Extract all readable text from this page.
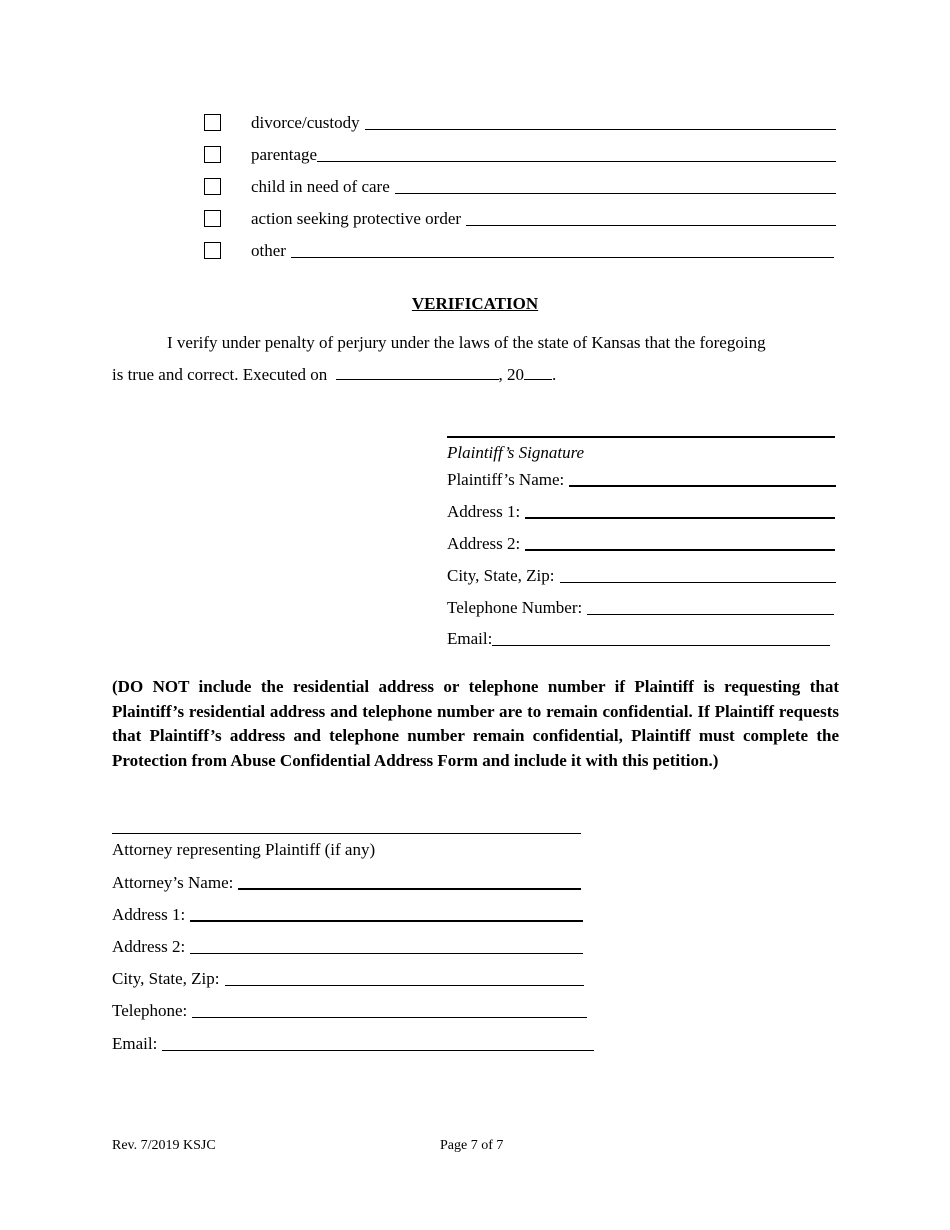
divorce/custody
parentage
child in need of care
action seeking protective order
other
VERIFICATION
I verify under penalty of perjury under the laws of the state of Kansas that the foregoing
is true and correct. Executed on	, 20 .
Plaintiff’s Signature
Plaintiff’s Name:
Address 1:
Address 2:
City, State, Zip:
Telephone Number:
Email:
(DO NOT include the residential address or telephone number if Plaintiff is requesting that Plaintiff’s residential address and telephone number are to remain confidential. If Plaintiff requests that Plaintiff’s address and telephone number remain confidential, Plaintiff must complete the Protection from Abuse Confidential Address Form and include it with this petition.)
Attorney representing Plaintiff (if any)
Attorney’s Name:
Address 1:
Address 2:
City, State, Zip:
Telephone:
Email:
Rev. 7/2019 KSJC	Page 7 of 7
